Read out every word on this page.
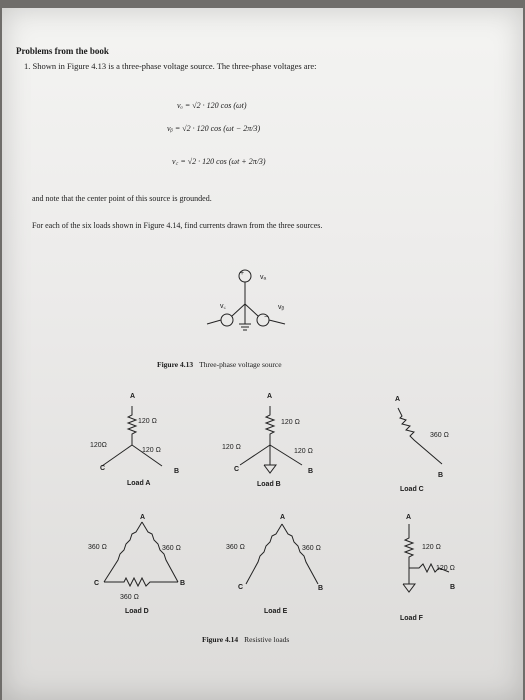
Problems from the book
1. Shown in Figure 4.13 is a three-phase voltage source. The three-phase voltages are:
vₐ = √2 · 120 cos (ωt)
vᵦ = √2 · 120 cos (ωt − 2π/3)
v꜀ = √2 · 120 cos (ωt + 2π/3)
and note that the center point of this source is grounded.
For each of the six loads shown in Figure 4.14, find currents drawn from the three sources.
vₐ
v꜀	vᵦ
+
−
Figure 4.13 Three-phase voltage source
A
120 Ω
120 Ω
120Ω
C	B
Load A
A
120 Ω
120 Ω
120 Ω
C	B
Load B
A
360 Ω
B
Load C
A
360 Ω	360 Ω
C	B
360 Ω
Load D
A
360 Ω	360 Ω
C	B
Load E
A
120 Ω
120 Ω
B
Load F
Figure 4.14 Resistive loads
